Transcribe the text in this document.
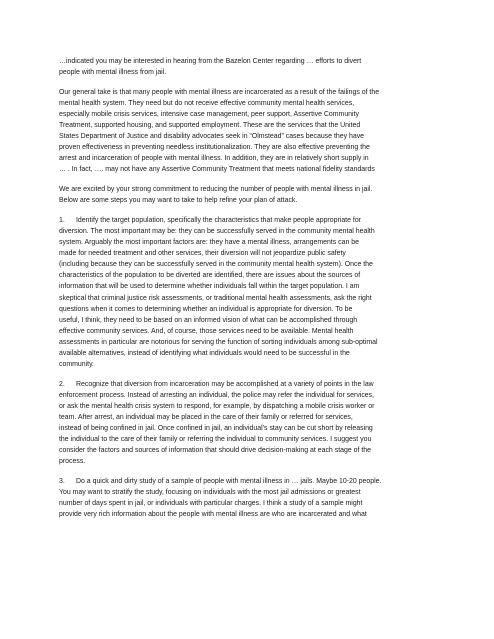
…indicated you may be interested in hearing from the Bazelon Center regarding … efforts to divert
people with mental illness from jail.

Our general take is that many people with mental illness are incarcerated as a result of the failings of the
mental health system. They need but do not receive effective community mental health services,
especially mobile crisis services, intensive case management, peer support, Assertive Community
Treatment, supported housing, and supported employment. These are the services that the United
States Department of Justice and disability advocates seek in “Olmstead” cases because they have
proven effectiveness in preventing needless institutionalization. They are also effective preventing the
arrest and incarceration of people with mental illness. In addition, they are in relatively short supply in
… . In fact, …. may not have any Assertive Community Treatment that meets national fidelity standards

We are excited by your strong commitment to reducing the number of people with mental illness in jail.
Below are some steps you may want to take to help refine your plan of attack.

1. Identify the target population, specifically the characteristics that make people appropriate for
diversion. The most important may be: they can be successfully served in the community mental health
system. Arguably the most important factors are: they have a mental illness, arrangements can be
made for needed treatment and other services, their diversion will not jeopardize public safety
(including because they can be successfully served in the community mental health system). Once the
characteristics of the population to be diverted are identified, there are issues about the sources of
information that will be used to determine whether individuals fall within the target population. I am
skeptical that criminal justice risk assessments, or traditional mental health assessments, ask the right
questions when it comes to determining whether an individual is appropriate for diversion. To be
useful, I think, they need to be based on an informed vision of what can be accomplished through
effective community services. And, of course, those services need to be available. Mental health
assessments in particular are notorious for serving the function of sorting individuals among sub-optimal
available alternatives, instead of identifying what individuals would need to be successful in the
community.

2. Recognize that diversion from incarceration may be accomplished at a variety of points in the law
enforcement process. Instead of arresting an individual, the police may refer the individual for services,
or ask the mental health crisis system to respond, for example, by dispatching a mobile crisis worker or
team. After arrest, an individual may be placed in the care of their family or referred for services,
instead of being confined in jail. Once confined in jail, an individual’s stay can be cut short by releasing
the individual to the care of their family or referring the individual to community services. I suggest you
consider the factors and sources of information that should drive decision-making at each stage of the
process.

3. Do a quick and dirty study of a sample of people with mental illness in … jails. Maybe 10-20 people.
You may want to stratify the study, focusing on individuals with the most jail admissions or greatest
number of days spent in jail, or individuals with particular charges. I think a study of a sample might
provide very rich information about the people with mental illness are who are incarcerated and what
